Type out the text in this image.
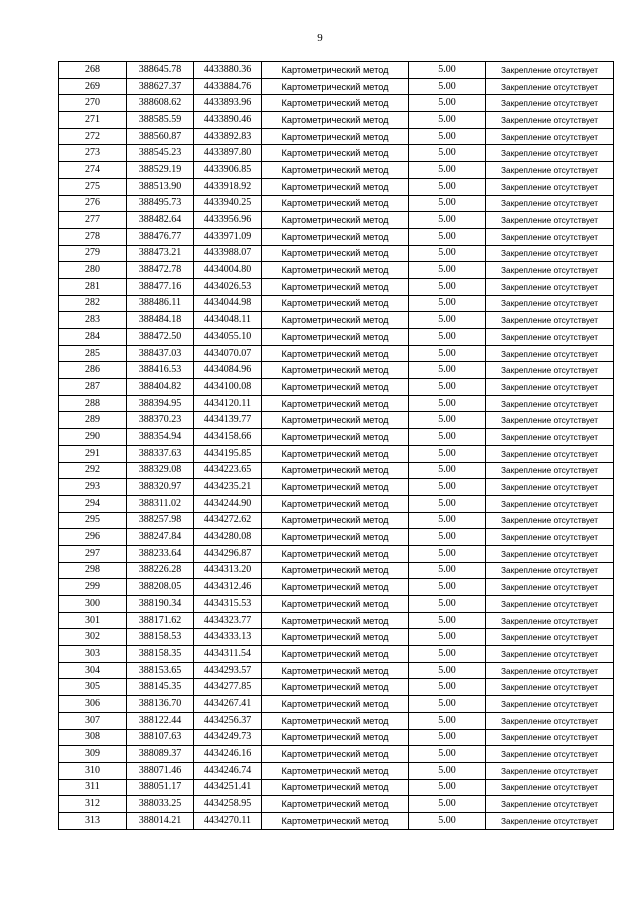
9
268	388645.78	4433880.36	Картометрический метод	5.00	Закрепление отсутствует
269	388627.37	4433884.76	Картометрический метод	5.00	Закрепление отсутствует
270	388608.62	4433893.96	Картометрический метод	5.00	Закрепление отсутствует
271	388585.59	4433890.46	Картометрический метод	5.00	Закрепление отсутствует
272	388560.87	4433892.83	Картометрический метод	5.00	Закрепление отсутствует
273	388545.23	4433897.80	Картометрический метод	5.00	Закрепление отсутствует
274	388529.19	4433906.85	Картометрический метод	5.00	Закрепление отсутствует
275	388513.90	4433918.92	Картометрический метод	5.00	Закрепление отсутствует
276	388495.73	4433940.25	Картометрический метод	5.00	Закрепление отсутствует
277	388482.64	4433956.96	Картометрический метод	5.00	Закрепление отсутствует
278	388476.77	4433971.09	Картометрический метод	5.00	Закрепление отсутствует
279	388473.21	4433988.07	Картометрический метод	5.00	Закрепление отсутствует
280	388472.78	4434004.80	Картометрический метод	5.00	Закрепление отсутствует
281	388477.16	4434026.53	Картометрический метод	5.00	Закрепление отсутствует
282	388486.11	4434044.98	Картометрический метод	5.00	Закрепление отсутствует
283	388484.18	4434048.11	Картометрический метод	5.00	Закрепление отсутствует
284	388472.50	4434055.10	Картометрический метод	5.00	Закрепление отсутствует
285	388437.03	4434070.07	Картометрический метод	5.00	Закрепление отсутствует
286	388416.53	4434084.96	Картометрический метод	5.00	Закрепление отсутствует
287	388404.82	4434100.08	Картометрический метод	5.00	Закрепление отсутствует
288	388394.95	4434120.11	Картометрический метод	5.00	Закрепление отсутствует
289	388370.23	4434139.77	Картометрический метод	5.00	Закрепление отсутствует
290	388354.94	4434158.66	Картометрический метод	5.00	Закрепление отсутствует
291	388337.63	4434195.85	Картометрический метод	5.00	Закрепление отсутствует
292	388329.08	4434223.65	Картометрический метод	5.00	Закрепление отсутствует
293	388320.97	4434235.21	Картометрический метод	5.00	Закрепление отсутствует
294	388311.02	4434244.90	Картометрический метод	5.00	Закрепление отсутствует
295	388257.98	4434272.62	Картометрический метод	5.00	Закрепление отсутствует
296	388247.84	4434280.08	Картометрический метод	5.00	Закрепление отсутствует
297	388233.64	4434296.87	Картометрический метод	5.00	Закрепление отсутствует
298	388226.28	4434313.20	Картометрический метод	5.00	Закрепление отсутствует
299	388208.05	4434312.46	Картометрический метод	5.00	Закрепление отсутствует
300	388190.34	4434315.53	Картометрический метод	5.00	Закрепление отсутствует
301	388171.62	4434323.77	Картометрический метод	5.00	Закрепление отсутствует
302	388158.53	4434333.13	Картометрический метод	5.00	Закрепление отсутствует
303	388158.35	4434311.54	Картометрический метод	5.00	Закрепление отсутствует
304	388153.65	4434293.57	Картометрический метод	5.00	Закрепление отсутствует
305	388145.35	4434277.85	Картометрический метод	5.00	Закрепление отсутствует
306	388136.70	4434267.41	Картометрический метод	5.00	Закрепление отсутствует
307	388122.44	4434256.37	Картометрический метод	5.00	Закрепление отсутствует
308	388107.63	4434249.73	Картометрический метод	5.00	Закрепление отсутствует
309	388089.37	4434246.16	Картометрический метод	5.00	Закрепление отсутствует
310	388071.46	4434246.74	Картометрический метод	5.00	Закрепление отсутствует
311	388051.17	4434251.41	Картометрический метод	5.00	Закрепление отсутствует
312	388033.25	4434258.95	Картометрический метод	5.00	Закрепление отсутствует
313	388014.21	4434270.11	Картометрический метод	5.00	Закрепление отсутствует
